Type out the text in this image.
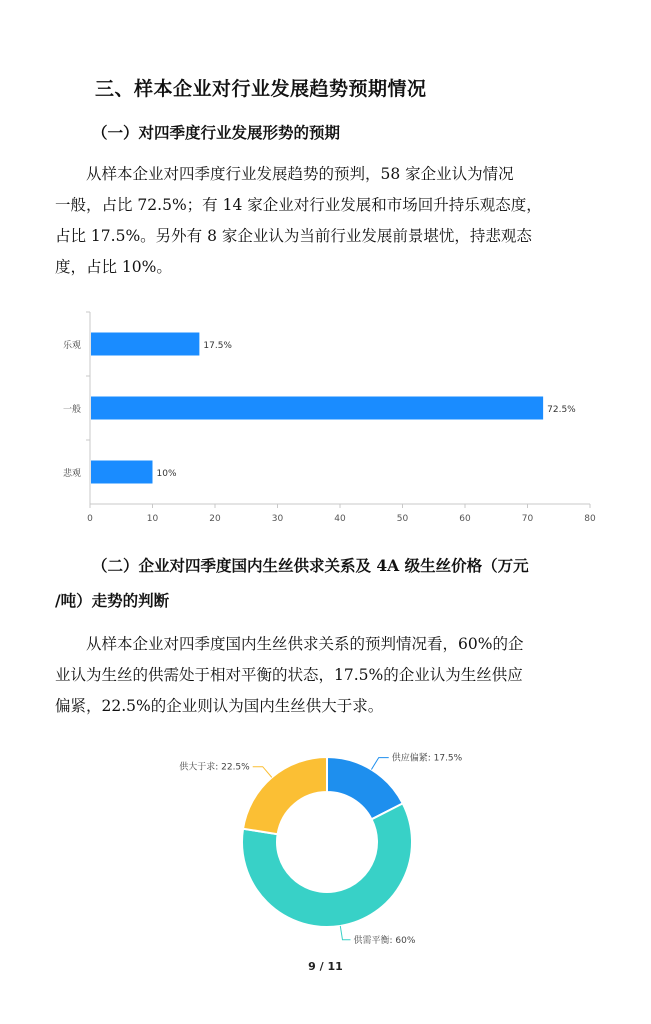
三、样本企业对行业发展趋势预期情况
（一）对四季度行业发展形势的预期

从样本企业对四季度行业发展趋势的预判，58 家企业认为情况
一般，占比 72.5%；有 14 家企业对行业发展和市场回升持乐观态度，
占比 17.5%。另外有 8 家企业认为当前行业发展前景堪忧，持悲观态
度，占比 10%。

乐观	17.5%
一般	72.5%
悲观	10%
0	10	20	30	40	50	60	70	80
（二）企业对四季度国内生丝供求关系及 4A 级生丝价格（万元
/吨）走势的判断

从样本企业对四季度国内生丝供求关系的预判情况看，60%的企
业认为生丝的供需处于相对平衡的状态，17.5%的企业认为生丝供应
偏紧，22.5%的企业则认为国内生丝供大于求。

供应偏紧: 17.5%
供需平衡: 60%
供大于求: 22.5%
9 / 11
